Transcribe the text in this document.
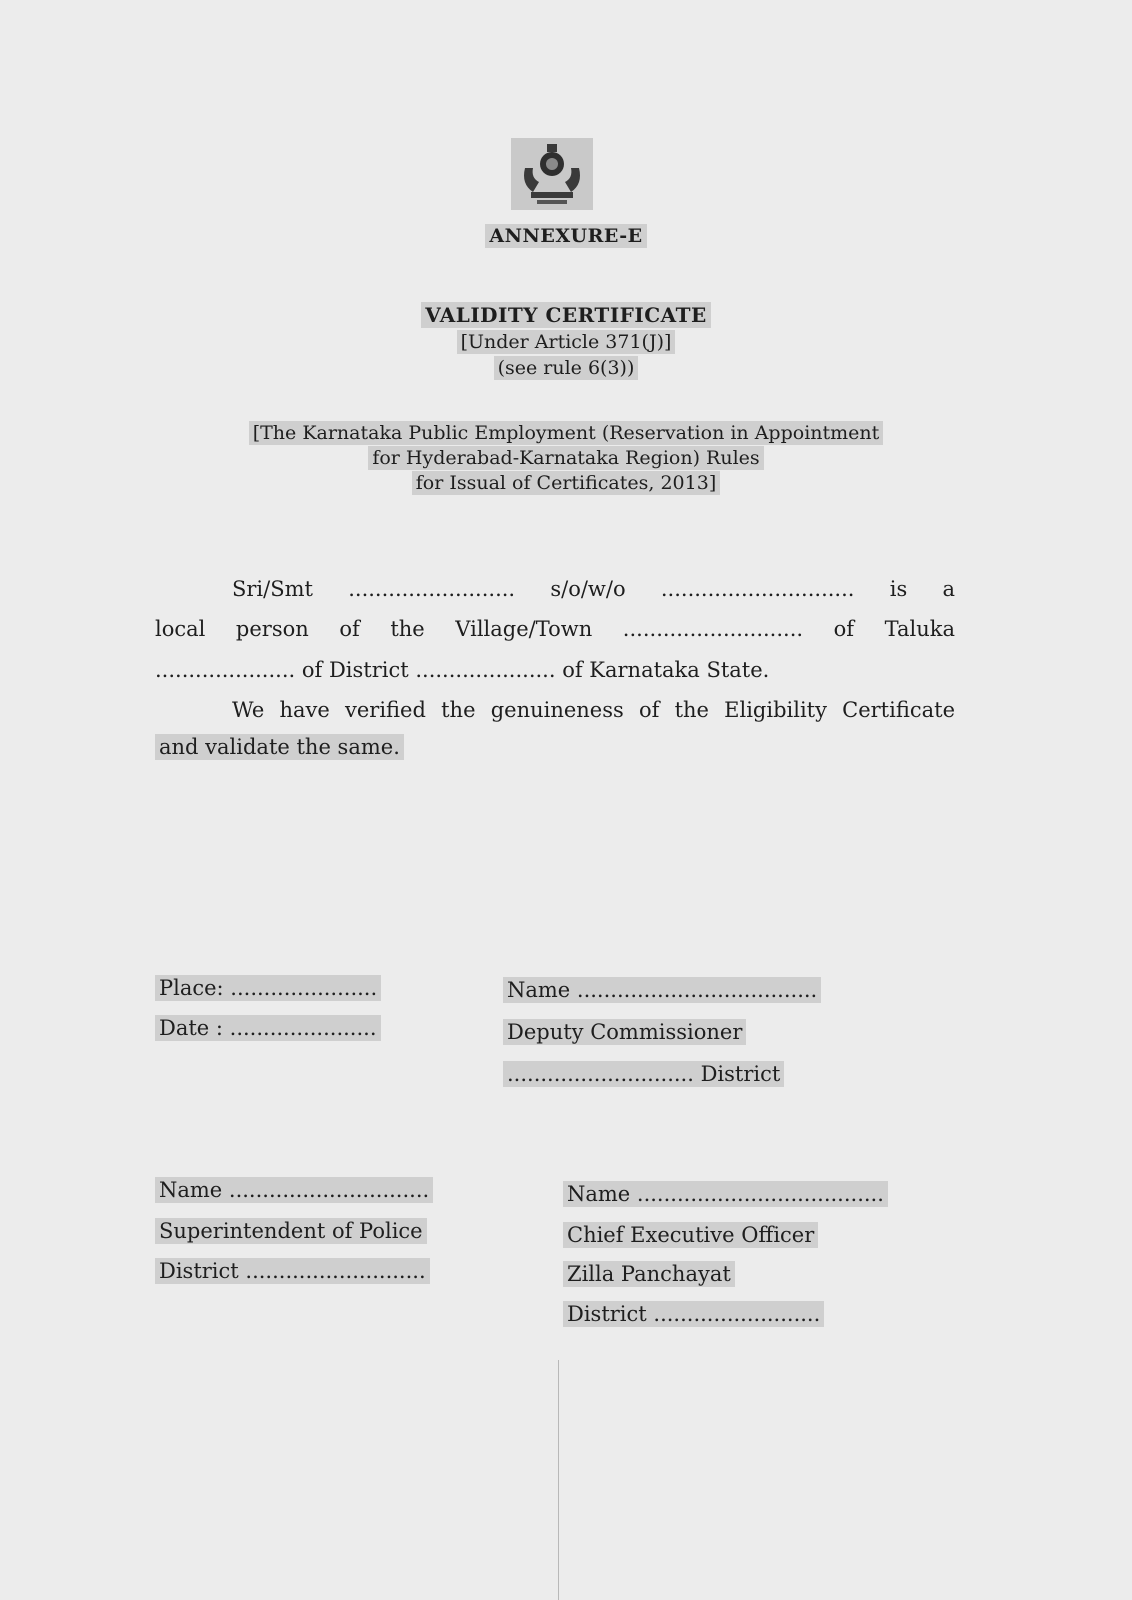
ANNEXURE-E
VALIDITY CERTIFICATE
[Under Article 371(J)]
(see rule 6(3))
[The Karnataka Public Employment (Reservation in Appointment
for Hyderabad-Karnataka Region) Rules
for Issual of Certificates, 2013]
Sri/Smt ......................... s/o/w/o ............................. is a
local person of the Village/Town ........................... of Taluka
..................... of District ..................... of Karnataka State.
We have verified the genuineness of the Eligibility Certificate
and validate the same.
Place: ......................
Date : ......................
Name ....................................
Deputy Commissioner
............................ District
Name ..............................
Superintendent of Police
District ...........................
Name .....................................
Chief Executive Officer
Zilla Panchayat
District .........................
